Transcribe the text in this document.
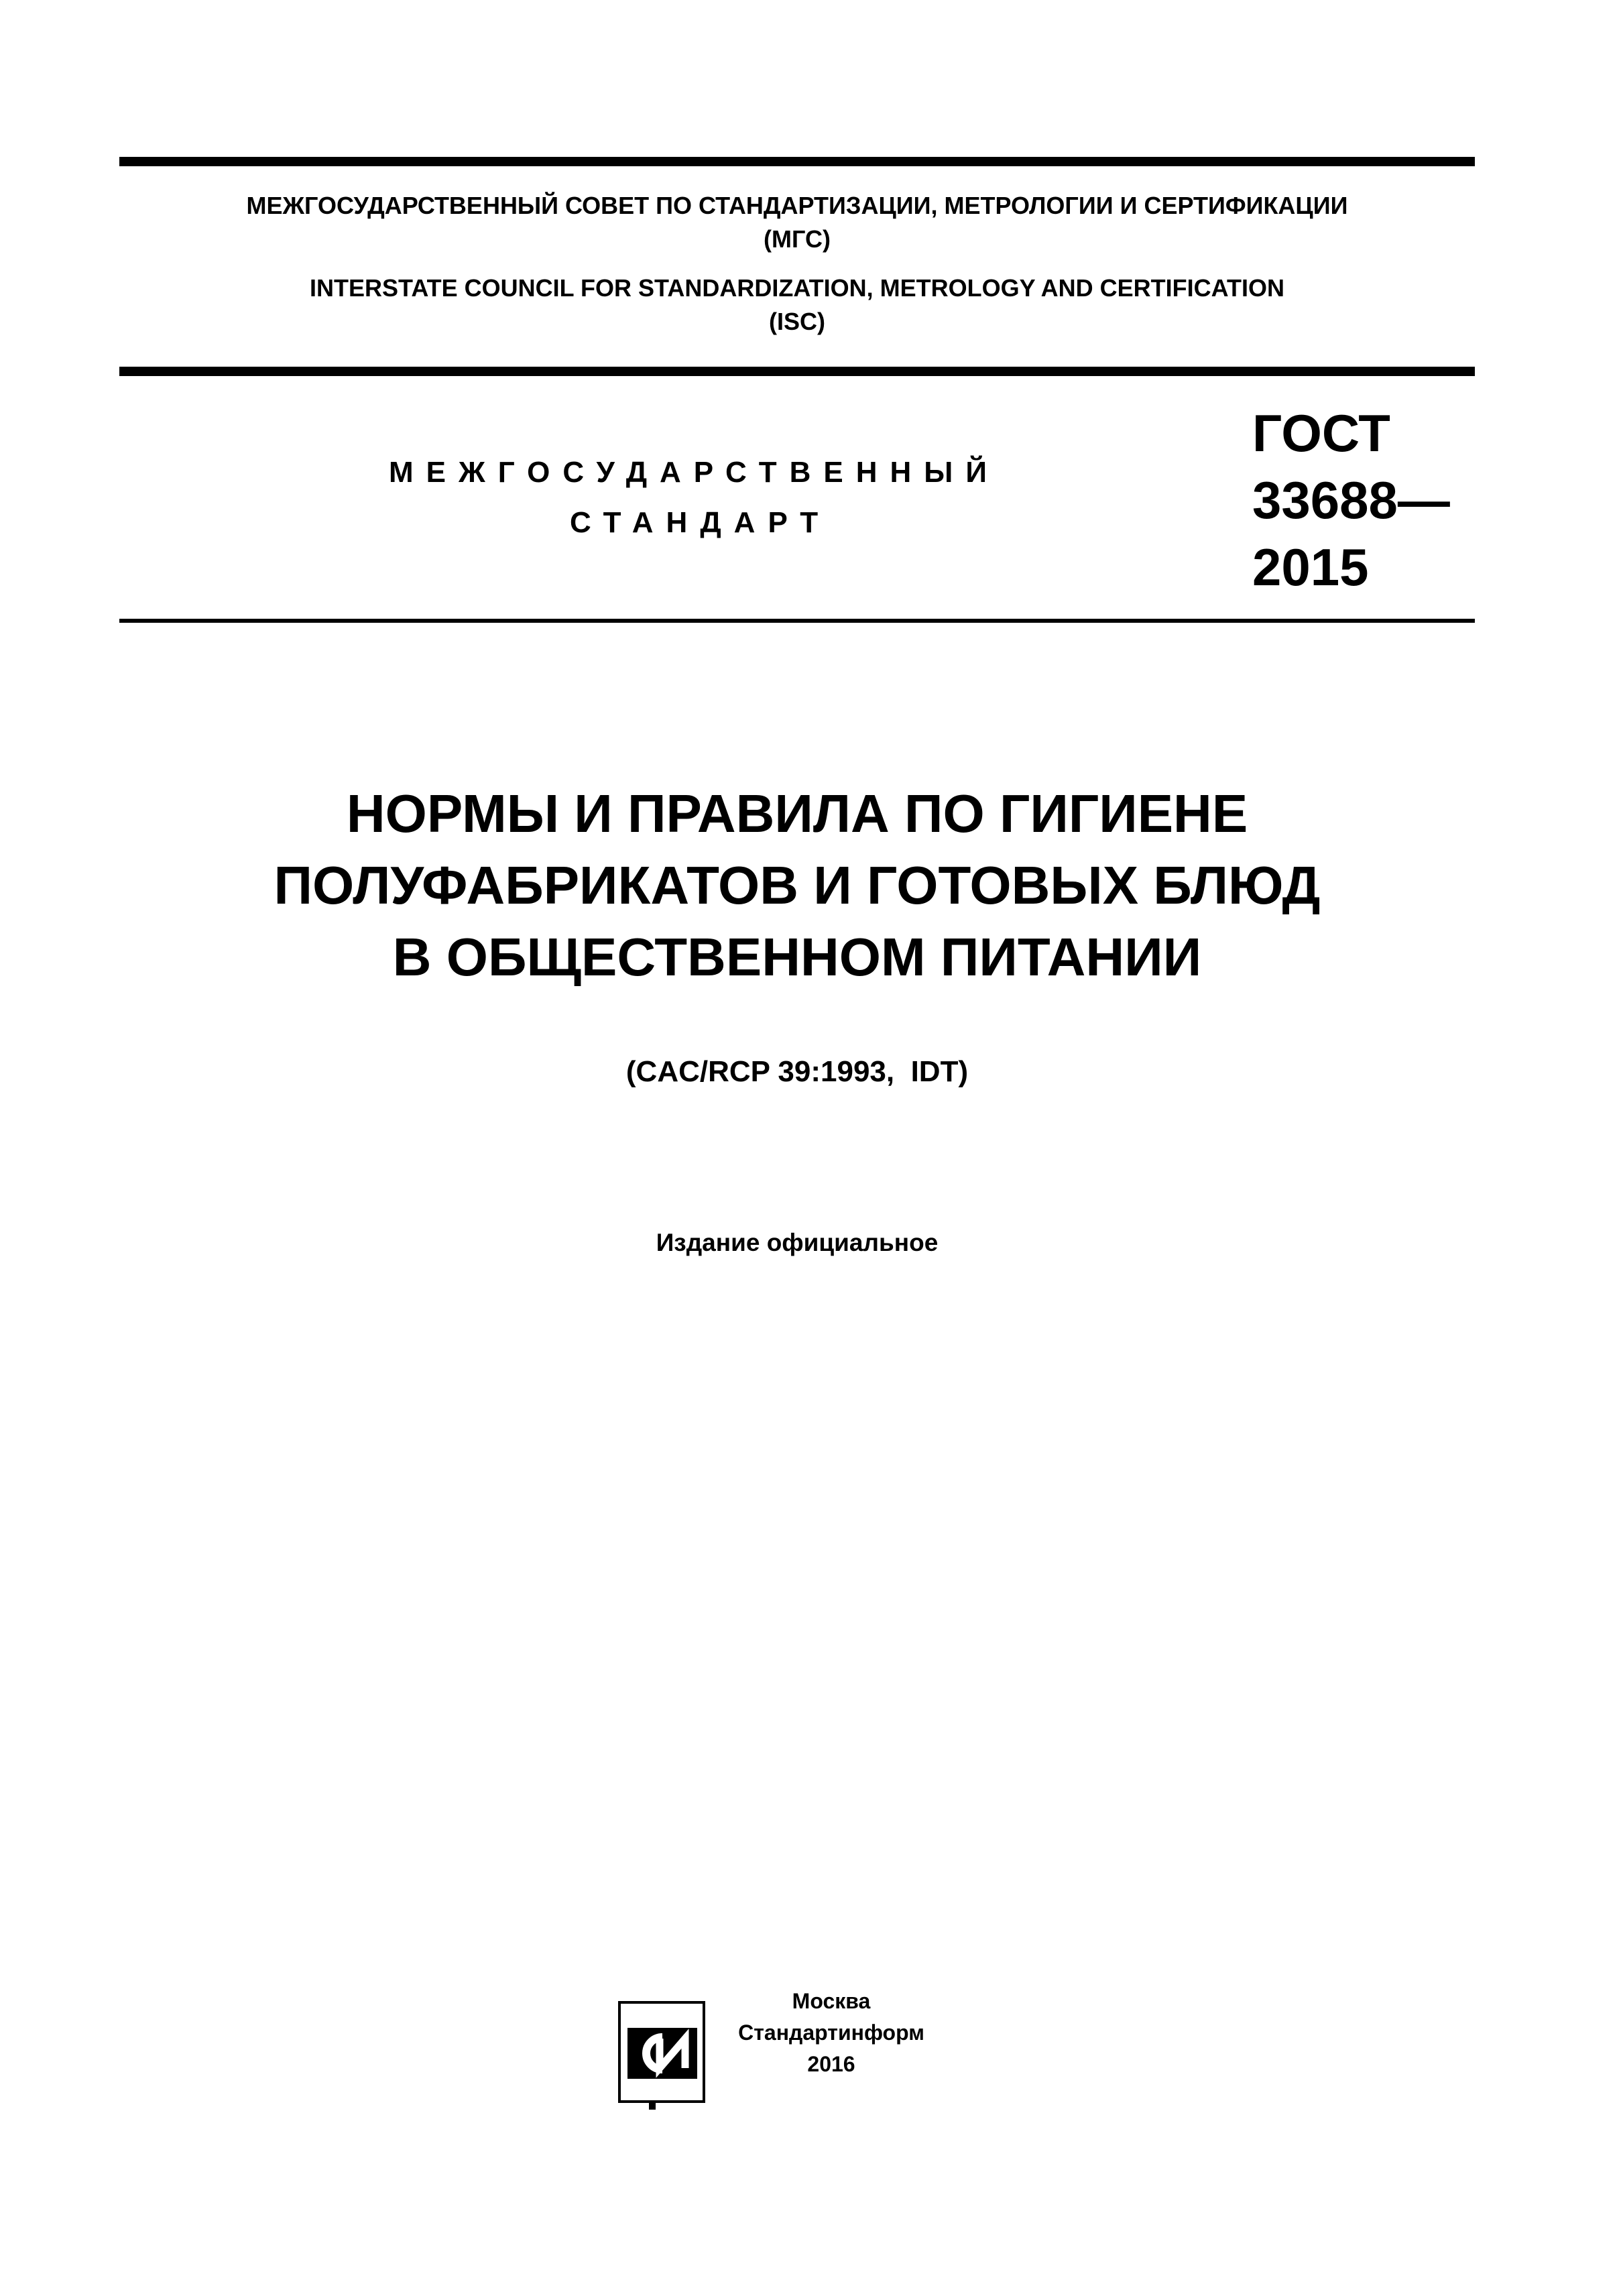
МЕЖГОСУДАРСТВЕННЫЙ СОВЕТ ПО СТАНДАРТИЗАЦИИ, МЕТРОЛОГИИ И СЕРТИФИКАЦИИ
(МГС)
INTERSTATE COUNCIL FOR STANDARDIZATION, METROLOGY AND CERTIFICATION
(ISC)
МЕЖГОСУДАРСТВЕННЫЙ
СТАНДАРТ
ГОСТ
33688—
2015
НОРМЫ И ПРАВИЛА ПО ГИГИЕНЕ
ПОЛУФАБРИКАТОВ И ГОТОВЫХ БЛЮД
В ОБЩЕСТВЕННОМ ПИТАНИИ
(CAC/RCP 39:1993,  IDT)
Издание официальное
Москва
Стандартинформ
2016
